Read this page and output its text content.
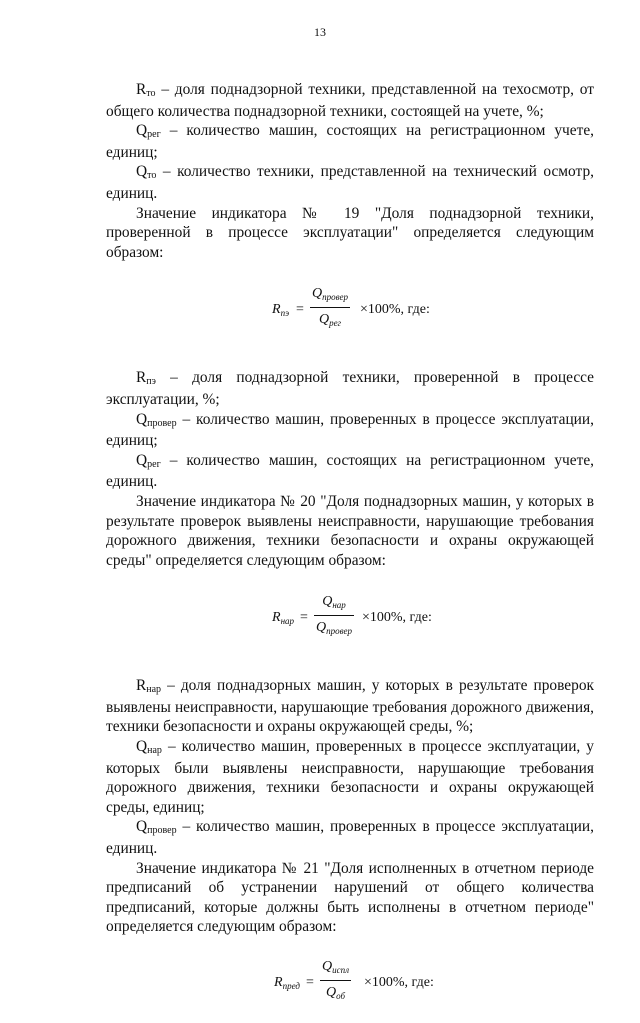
13

Rто – доля поднадзорной техники, представленной на техосмотр, от общего количества поднадзорной техники, состоящей на учете, %;

Qрег – количество машин, состоящих на регистрационном учете, единиц;

Qто – количество техники, представленной на технический осмотр, единиц.

Значение индикатора № 19 "Доля поднадзорной техники, проверенной в процессе эксплуатации" определяется следующим образом:

$R_{пэ}$ =
$Q_{провер}$
$Q_{рег}$
×100%, где:

Rпэ – доля поднадзорной техники, проверенной в процессе эксплуатации, %;

Qпровер – количество машин, проверенных в процессе эксплуатации, единиц;

Qрег – количество машин, состоящих на регистрационном учете, единиц.

Значение индикатора № 20 "Доля поднадзорных машин, у которых в результате проверок выявлены неисправности, нарушающие требования дорожного движения, техники безопасности и охраны окружающей среды" определяется следующим образом:

$R_{нар}$ =
$Q_{нар}$
$Q_{провер}$
×100%, где:

Rнар – доля поднадзорных машин, у которых в результате проверок выявлены неисправности, нарушающие требования дорожного движения, техники безопасности и охраны окружающей среды, %;

Qнар – количество машин, проверенных в процессе эксплуатации, у которых были выявлены неисправности, нарушающие требования дорожного движения, техники безопасности и охраны окружающей среды, единиц;

Qпровер – количество машин, проверенных в процессе эксплуатации, единиц.

Значение индикатора № 21 "Доля исполненных в отчетном периоде предписаний об устранении нарушений от общего количества предписаний, которые должны быть исполнены в отчетном периоде" определяется следующим образом:

$R_{пред}$ =
$Q_{испл}$
$Q_{об}$
×100%, где:
